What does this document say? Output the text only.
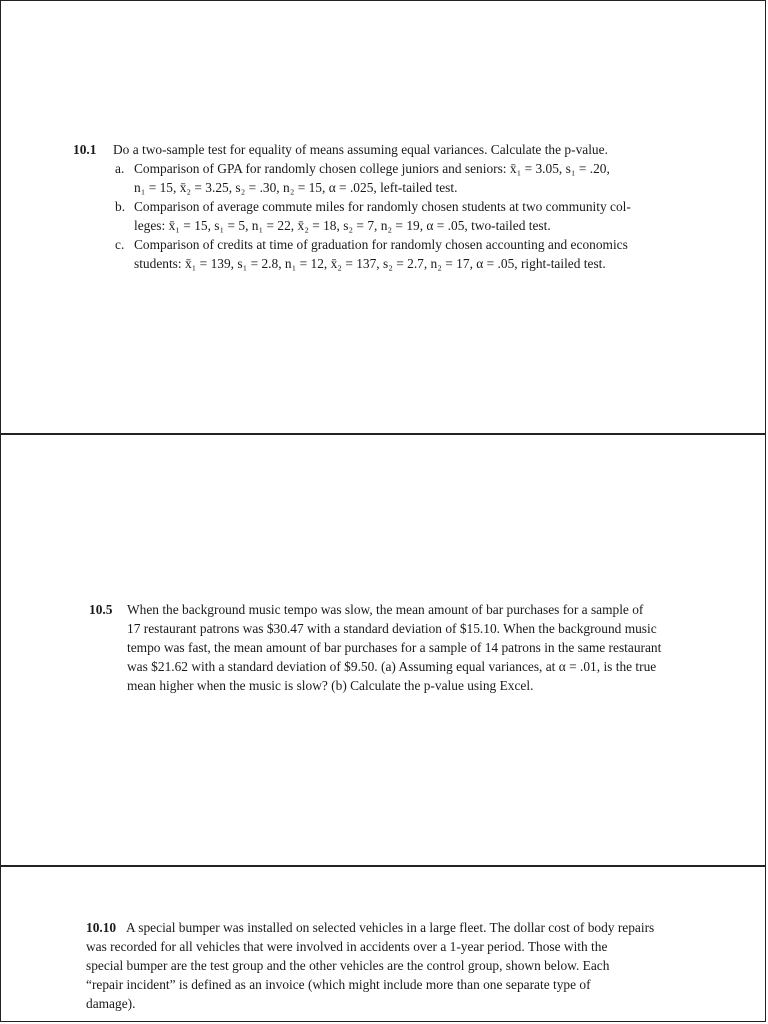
10.1 Do a two-sample test for equality of means assuming equal variances. Calculate the p-value.
a. Comparison of GPA for randomly chosen college juniors and seniors: x̄₁ = 3.05, s₁ = .20,
n₁ = 15, x̄₂ = 3.25, s₂ = .30, n₂ = 15, α = .025, left-tailed test.
b. Comparison of average commute miles for randomly chosen students at two community col-
leges: x̄₁ = 15, s₁ = 5, n₁ = 22, x̄₂ = 18, s₂ = 7, n₂ = 19, α = .05, two-tailed test.
c. Comparison of credits at time of graduation for randomly chosen accounting and economics
students: x̄₁ = 139, s₁ = 2.8, n₁ = 12, x̄₂ = 137, s₂ = 2.7, n₂ = 17, α = .05, right-tailed test.
10.5	When the background music tempo was slow, the mean amount of bar purchases for a sample of
17 restaurant patrons was $30.47 with a standard deviation of $15.10. When the background music
tempo was fast, the mean amount of bar purchases for a sample of 14 patrons in the same restaurant
was $21.62 with a standard deviation of $9.50. (a) Assuming equal variances, at α = .01, is the true
mean higher when the music is slow? (b) Calculate the p-value using Excel.
10.10 A special bumper was installed on selected vehicles in a large fleet. The dollar cost of body repairs
was recorded for all vehicles that were involved in accidents over a 1-year period. Those with the
special bumper are the test group and the other vehicles are the control group, shown below. Each
“repair incident” is defined as an invoice (which might include more than one separate type of
damage).
